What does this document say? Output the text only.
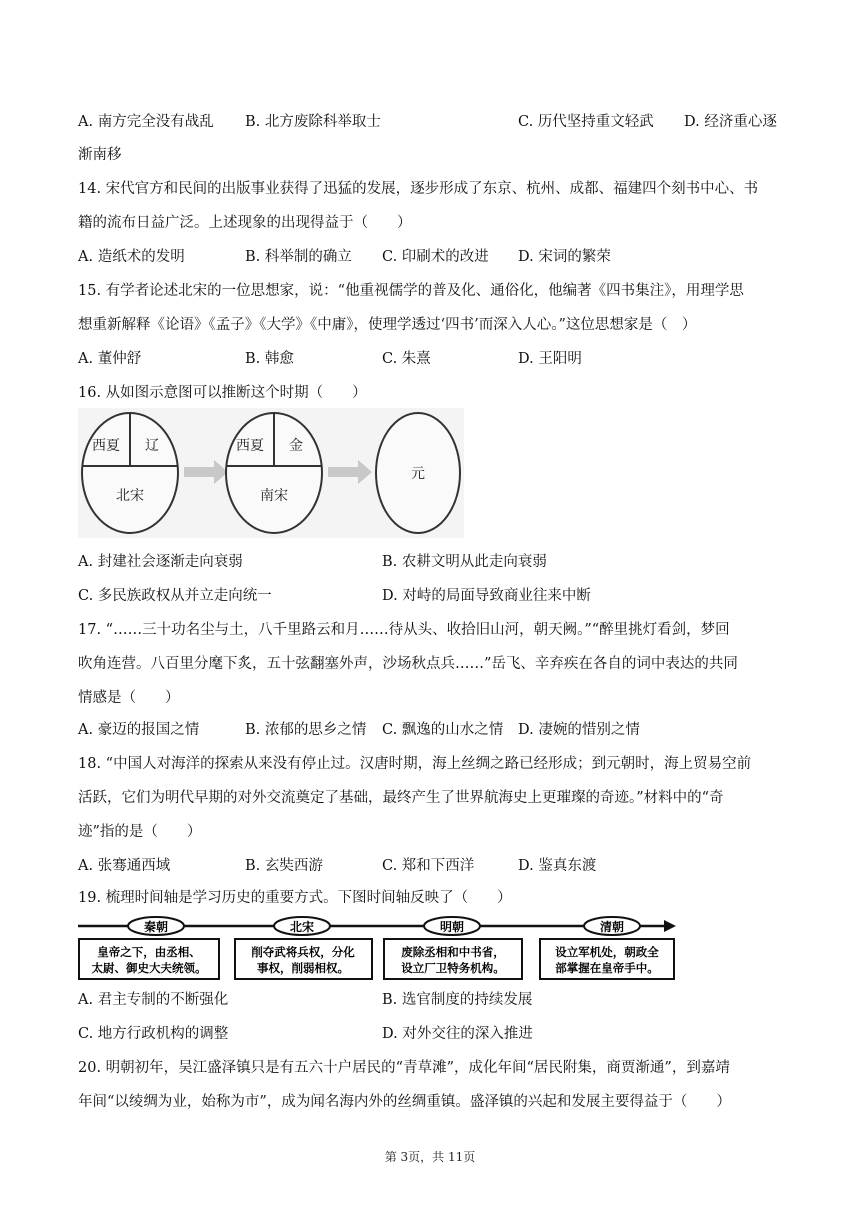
A. 南方完全没有战乱 B. 北方废除科举取士	C. 历代坚持重文轻武 D. 经济重心逐
渐南移
14. 宋代官方和民间的出版事业获得了迅猛的发展，逐步形成了东京、杭州、成都、福建四个刻书中心、书
籍的流布日益广泛。上述现象的出现得益于（　　）
A. 造纸术的发明	B. 科举制的确立 C. 印刷术的改进 D. 宋词的繁荣
15. 有学者论述北宋的一位思想家，说：“他重视儒学的普及化、通俗化，他编著《四书集注》，用理学思
想重新解释《论语》《孟子》《大学》《中庸》，使理学透过‘四书’而深入人心。”这位思想家是（　）
A. 董仲舒	B. 韩愈	C. 朱熹	D. 王阳明
16. 从如图示意图可以推断这个时期（　　）
西夏 辽
北宋
西夏 金
南宋
元
A. 封建社会逐渐走向衰弱	B. 农耕文明从此走向衰弱
C. 多民族政权从并立走向统一	D. 对峙的局面导致商业往来中断
17. “……三十功名尘与土，八千里路云和月……待从头、收拾旧山河，朝天阙。”“醉里挑灯看剑，梦回
吹角连营。八百里分麾下炙，五十弦翻塞外声，沙场秋点兵……”岳飞、辛弃疾在各自的词中表达的共同
情感是（　　）
A. 豪迈的报国之情	B. 浓郁的思乡之情 C. 飘逸的山水之情 D. 凄婉的惜别之情
18. “中国人对海洋的探索从来没有停止过。汉唐时期，海上丝绸之路已经形成；到元朝时，海上贸易空前
活跃，它们为明代早期的对外交流奠定了基础，最终产生了世界航海史上更璀璨的奇迹。”材料中的“奇
迹”指的是（　　）
A. 张骞通西域	B. 玄奘西游	C. 郑和下西洋	D. 鉴真东渡
19. 梳理时间轴是学习历史的重要方式。下图时间轴反映了（　　）
秦朝
皇帝之下，由丞相、
太尉、御史大夫统领。
北宋
削夺武将兵权，分化
事权，削弱相权。
明朝
废除丞相和中书省，
设立厂卫特务机构。
清朝
设立军机处，朝政全
部掌握在皇帝手中。
A. 君主专制的不断强化	B. 选官制度的持续发展
C. 地方行政机构的调整	D. 对外交往的深入推进
20. 明朝初年，吴江盛泽镇只是有五六十户居民的“青草滩”，成化年间“居民附集，商贾渐通”，到嘉靖
年间“以绫绸为业，始称为市”，成为闻名海内外的丝绸重镇。盛泽镇的兴起和发展主要得益于（　　）
第 3页，共 11页
